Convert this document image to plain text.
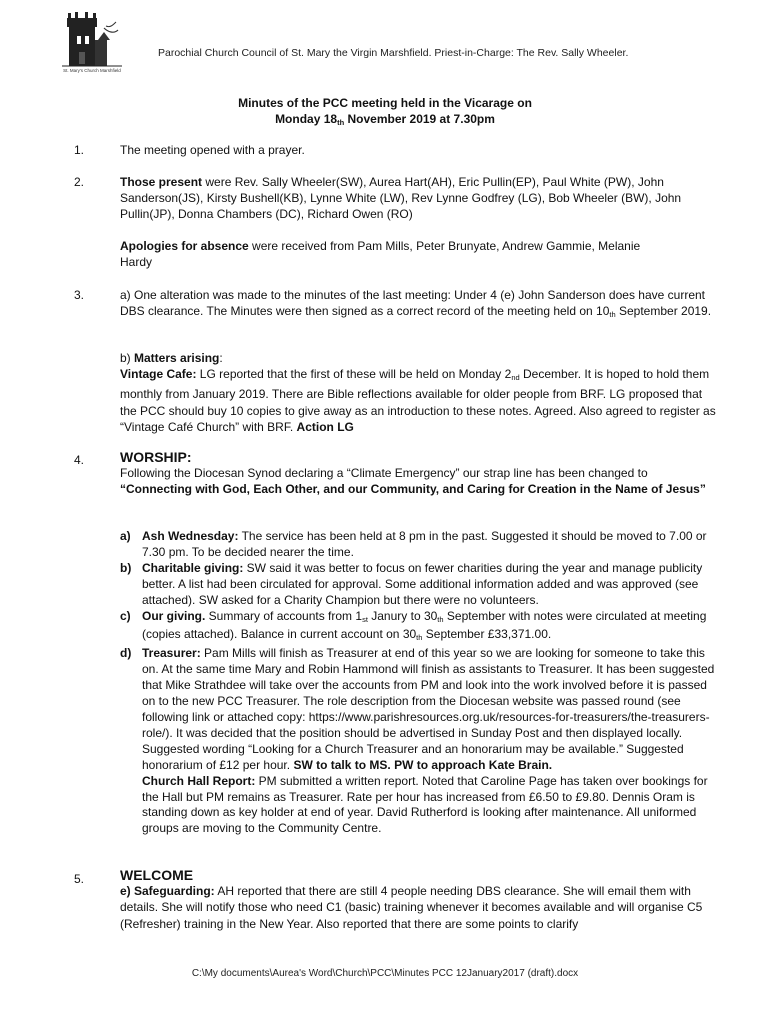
St. Mary's Church Marshfield
Parochial Church Council of St. Mary the Virgin Marshfield. Priest-in-Charge: The Rev. Sally Wheeler.
Minutes of the PCC meeting held in the Vicarage on
Monday $18_{th}$ November 2019 at 7.30pm
1.	The meeting opened with a prayer.

2.	Those present were Rev. Sally Wheeler(SW), Aurea Hart(AH), Eric Pullin(EP), Paul White (PW), John Sanderson(JS), Kirsty Bushell(KB), Lynne White (LW), Rev Lynne Godfrey (LG), Bob Wheeler (BW), John Pullin(JP), Donna Chambers (DC), Richard Owen (RO)

Apologies for absence were received from Pam Mills, Peter Brunyate, Andrew Gammie, Melanie Hardy

3.	a) One alteration was made to the minutes of the last meeting: Under 4 (e) John Sanderson does have current DBS clearance. The Minutes were then signed as a correct record of the meeting held on $10_{th}$ September 2019.

b) Matters arising:

Vintage Cafe: LG reported that the first of these will be held on Monday $2_{nd}$ December. It is hoped to hold them monthly from January 2019. There are Bible reflections available for older people from BRF. LG proposed that the PCC should buy 10 copies to give away as an introduction to these notes. Agreed. Also agreed to register as “Vintage Café Church” with BRF. Action LG

4.	WORSHIP:

Following the Diocesan Synod declaring a “Climate Emergency” our strap line has been changed to

“Connecting with God, Each Other, and our Community, and Caring for Creation in the Name of Jesus”

a) Ash Wednesday: The service has been held at 8 pm in the past. Suggested it should be moved to 7.00 or 7.30 pm. To be decided nearer the time.
b) Charitable giving: SW said it was better to focus on fewer charities during the year and manage publicity better. A list had been circulated for approval. Some additional information added and was approved (see attached). SW asked for a Charity Champion but there were no volunteers.
c) Our giving. Summary of accounts from $1_{st}$ Janury to $30_{th}$ September with notes were circulated at meeting (copies attached). Balance in current account on $30_{th}$ September £33,371.00.
d) Treasurer: Pam Mills will finish as Treasurer at end of this year so we are looking for someone to take this on. At the same time Mary and Robin Hammond will finish as assistants to Treasurer. It has been suggested that Mike Strathdee will take over the accounts from PM and look into the work involved before it is passed on to the new PCC Treasurer. The role description from the Diocesan website was passed round (see following link or attached copy: https://www.parishresources.org.uk/resources-for-treasurers/the-treasurers-role/). It was decided that the position should be advertised in Sunday Post and then displayed locally. Suggested wording “Looking for a Church Treasurer and an honorarium may be available.” Suggested honorarium of £12 per hour. SW to talk to MS. PW to approach Kate Brain.
Church Hall Report: PM submitted a written report. Noted that Caroline Page has taken over bookings for the Hall but PM remains as Treasurer. Rate per hour has increased from £6.50 to £9.80. Dennis Oram is standing down as key holder at end of year. David Rutherford is looking after maintenance. All uniformed groups are moving to the Community Centre.
5.	WELCOME

e) Safeguarding: AH reported that there are still 4 people needing DBS clearance. She will email them with details. She will notify those who need C1 (basic) training whenever it becomes available and will organise C5 (Refresher) training in the New Year. Also reported that there are some points to clarify

C:\My documents\Aurea's Word\Church\PCC\Minutes PCC 12January2017 (draft).docx
